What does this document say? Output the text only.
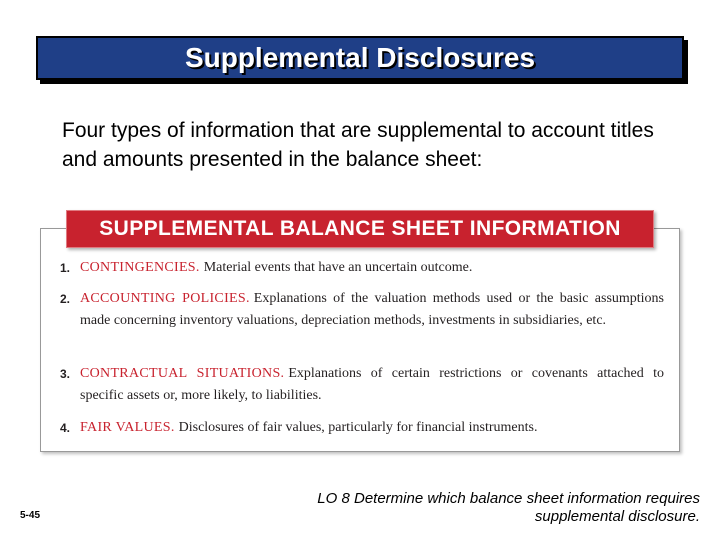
Supplemental Disclosures
Four types of information that are supplemental to account titles and amounts presented in the balance sheet:
SUPPLEMENTAL BALANCE SHEET INFORMATION
1. CONTINGENCIES. Material events that have an uncertain outcome.
2. ACCOUNTING POLICIES. Explanations of the valuation methods used or the basic assumptions made concerning inventory valuations, depreciation methods, investments in subsidiaries, etc.
3. CONTRACTUAL SITUATIONS. Explanations of certain restrictions or covenants attached to specific assets or, more likely, to liabilities.
4. FAIR VALUES. Disclosures of fair values, particularly for financial instruments.
5-45
LO 8 Determine which balance sheet information requires supplemental disclosure.
